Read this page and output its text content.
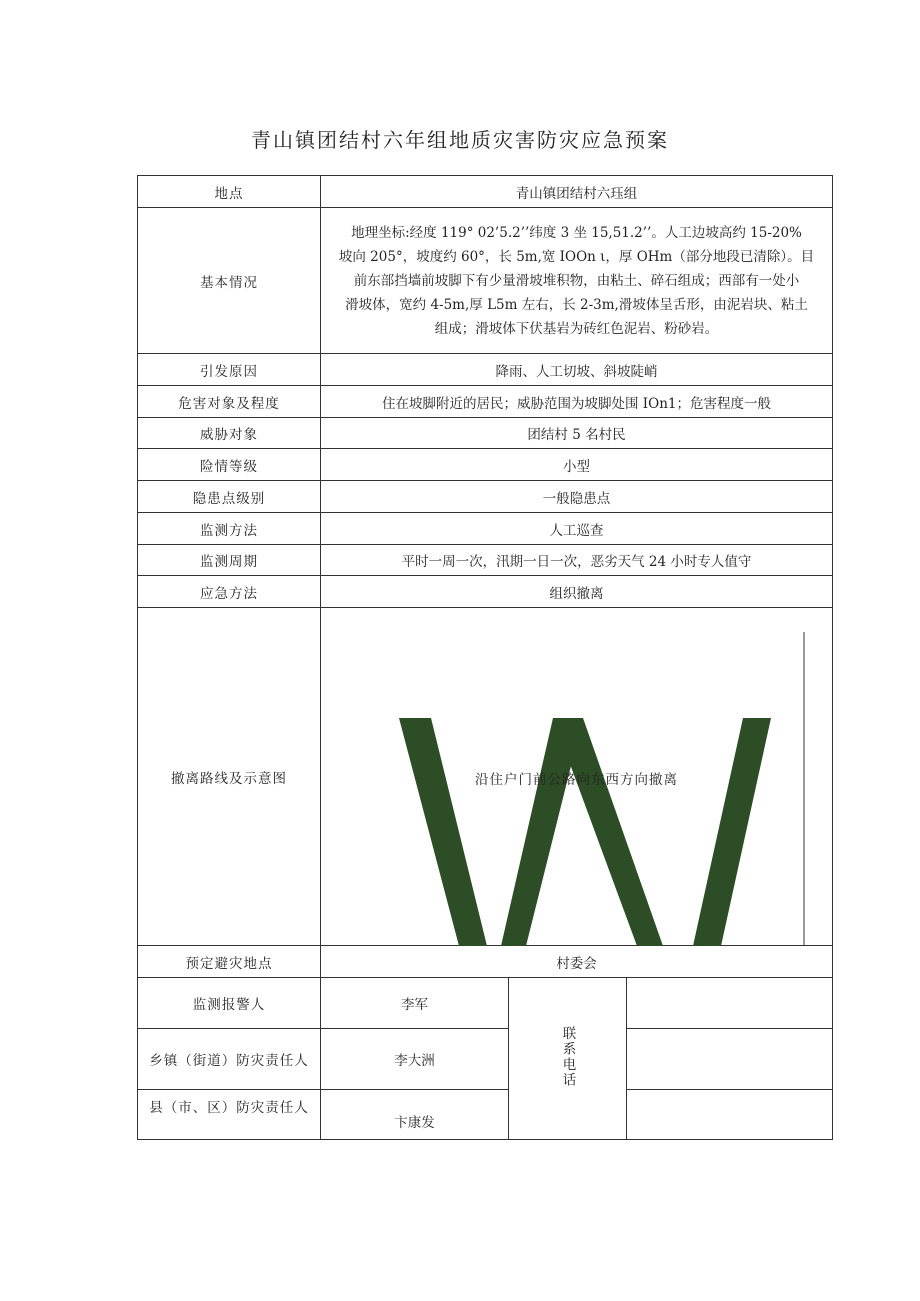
青山镇团结村六年组地质灾害防灾应急预案
地点	青山镇团结村六珏组		
基本情况	地理坐标:经度 119° 02’5.2’’纬度 3 坐 15,51.2’’。人工边坡高约 15-20%
坡向 205°，坡度约 60°，长 5m,宽 IOOn ι，厚 OHm（部分地段已清除）。目
前东部挡墙前坡脚下有少量滑坡堆积物，由粘土、碎石组成；西部有一处小
滑坡体，宽约 4-5m,厚 L5m 左右，长 2-3m,滑坡体呈舌形，由泥岩块、粘土
组成；滑坡体下伏基岩为砖红色泥岩、粉砂岩。		

引发原因	降雨、人工切坡、斜坡陡峭		
危害对象及程度	住在坡脚附近的居民；威胁范围为坡脚处围 IOn1；危害程度一般		
威胁对象	团结村 5 名村民		
险情等级	小型		
隐患点级别	一般隐患点		
监测方法	人工巡查		
监测周期	平时一周一次，汛期一日一次，恶劣天气 24 小时专人值守		
应急方法	组织撤离		
撤离路线及示意图	沿住户门前公路向东西方向撤离		

预定避灾地点	村委会		
监测报警人	李军	联系电话	
乡镇（街道）防灾责任人	李大洲		
县（市、区）防灾责任人	卞康发		
